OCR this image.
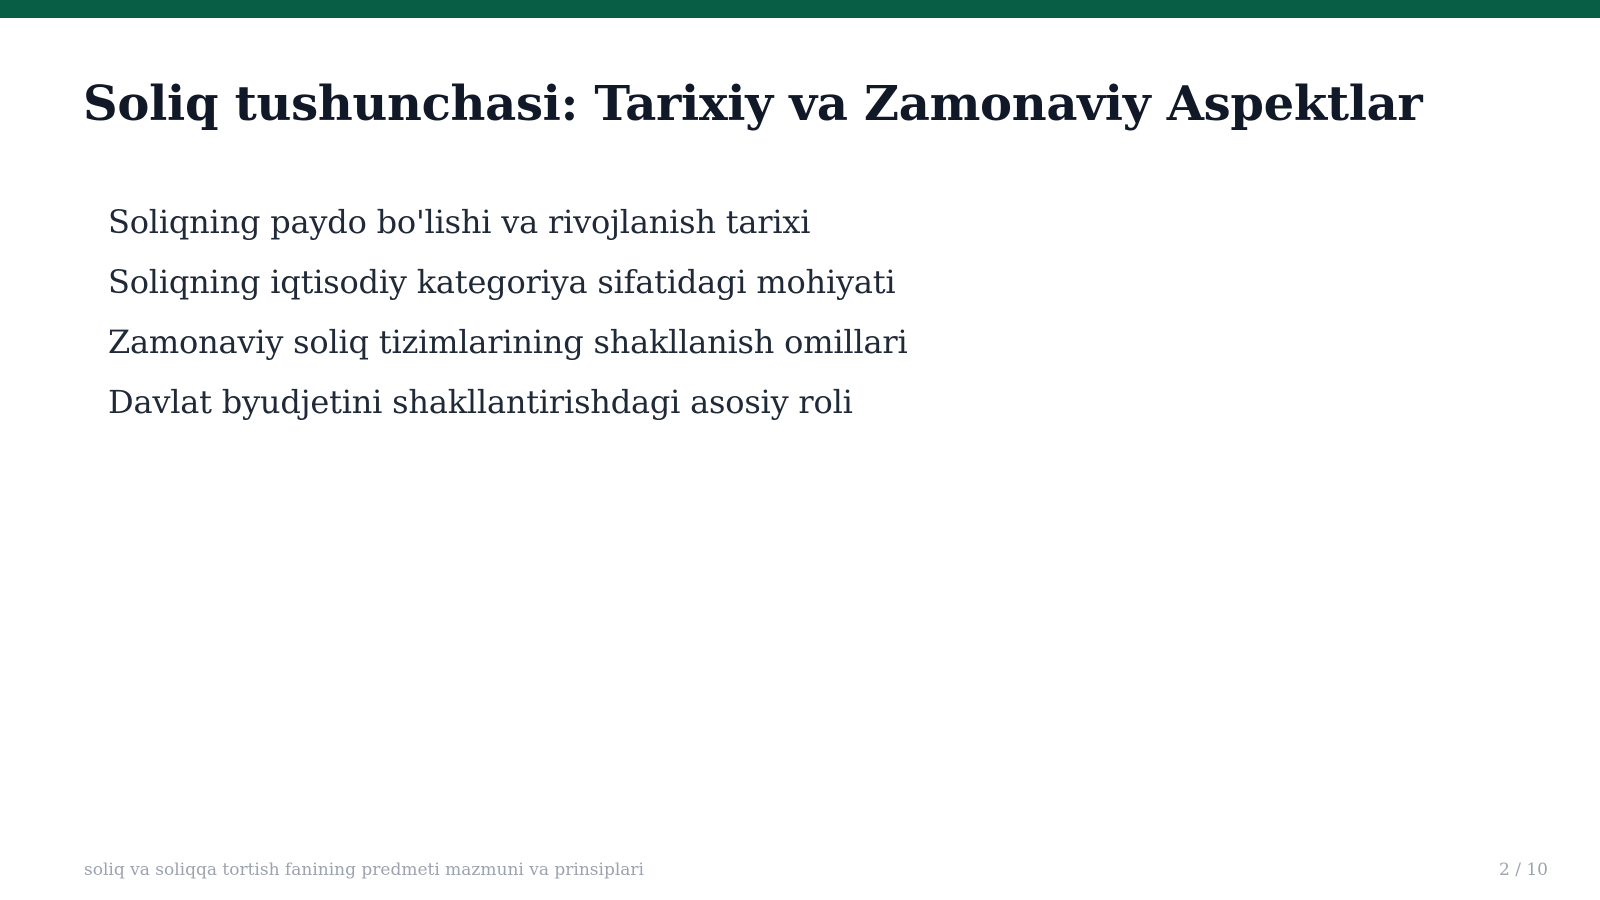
Soliq tushunchasi: Tarixiy va Zamonaviy Aspektlar
Soliqning paydo bo'lishi va rivojlanish tarixi
Soliqning iqtisodiy kategoriya sifatidagi mohiyati
Zamonaviy soliq tizimlarining shakllanish omillari
Davlat byudjetini shakllantirishdagi asosiy roli
soliq va soliqqa tortish fanining predmeti mazmuni va prinsiplari	2 / 10
